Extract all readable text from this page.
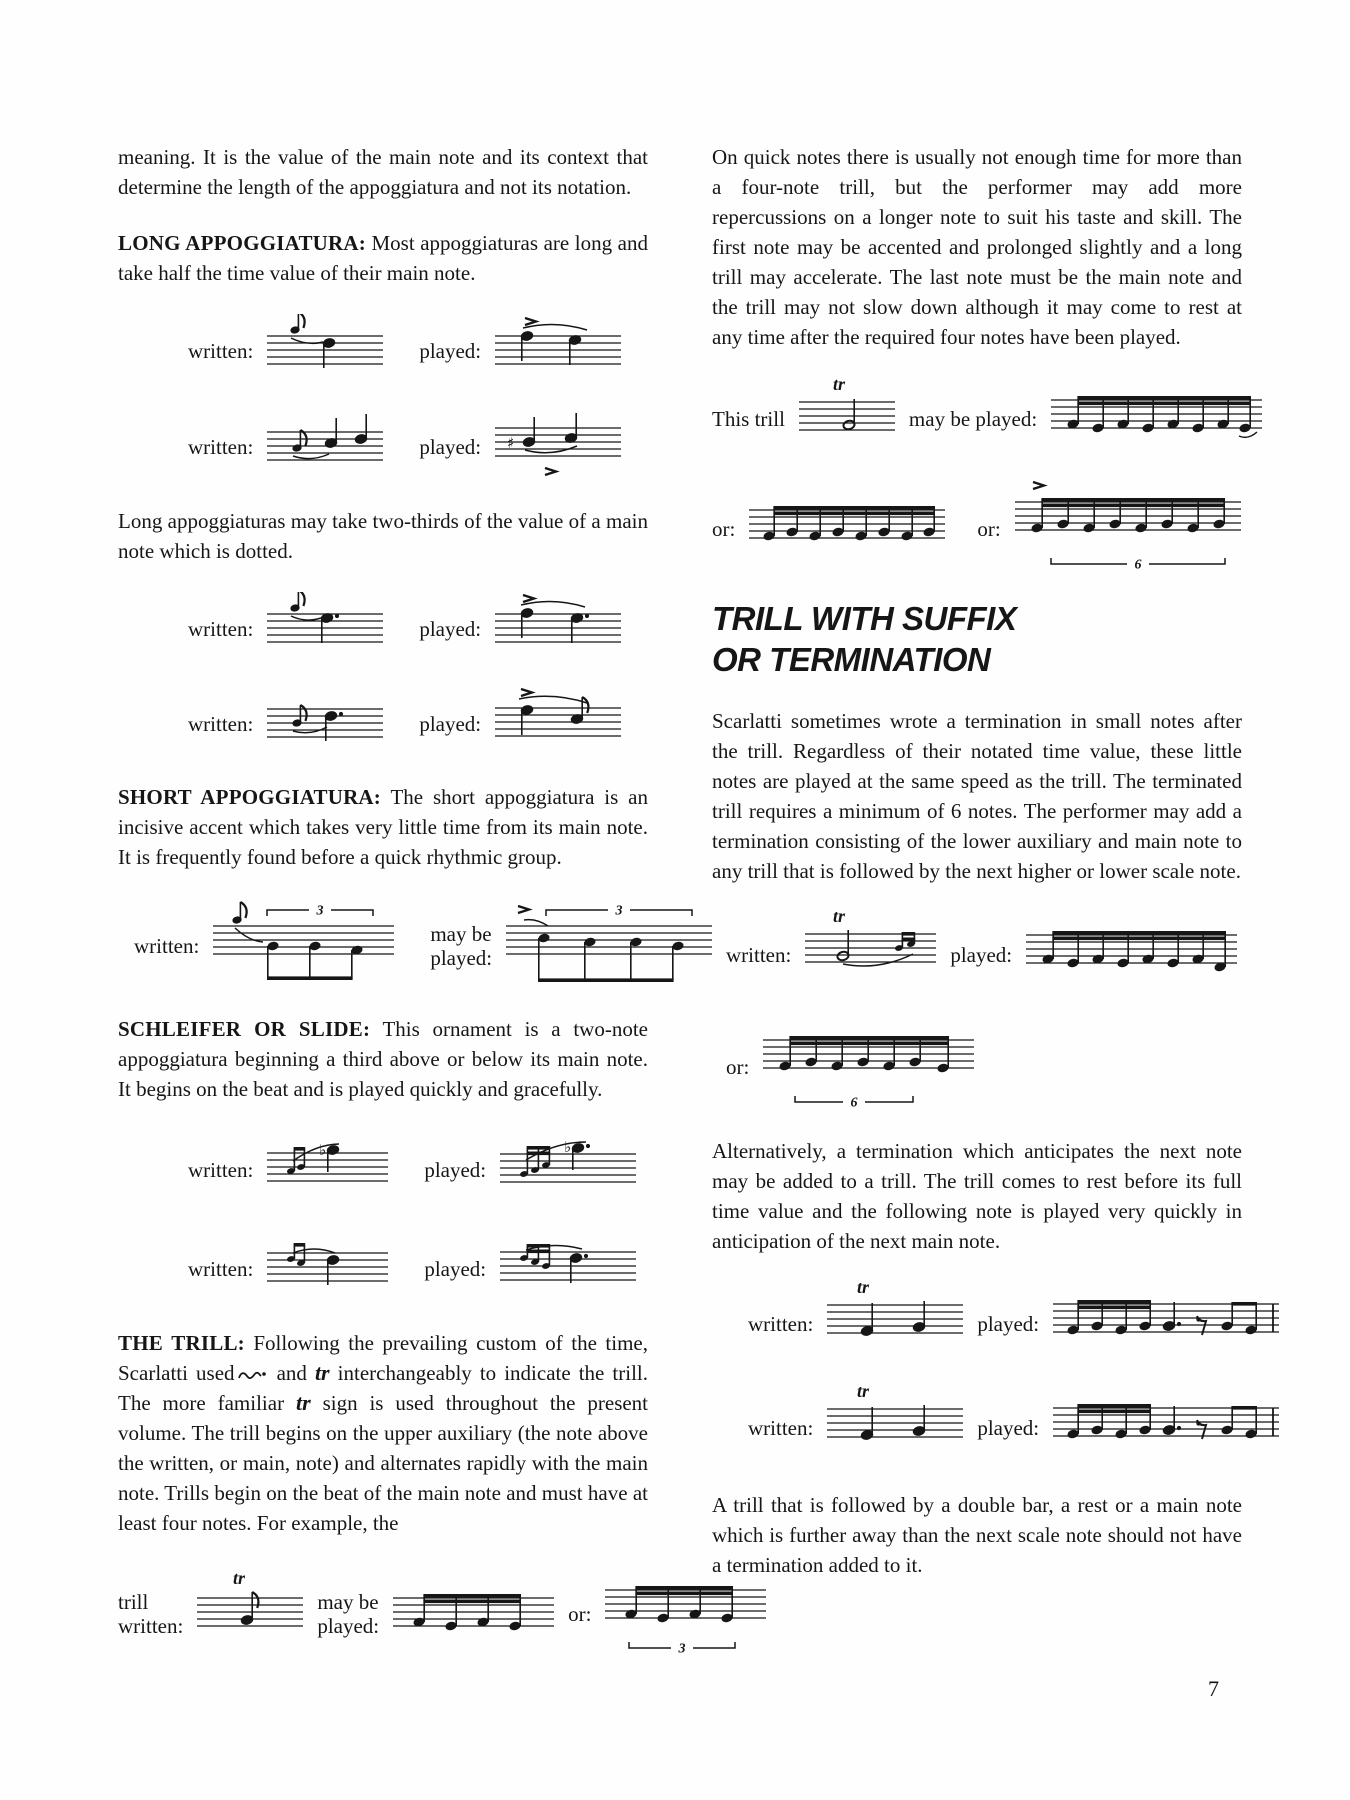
meaning. It is the value of the main note and its context that determine the length of the appoggiatura and not its notation.

LONG APPOGGIATURA: Most appoggiaturas are long and take half the time value of their main note.

written:	played:
written:	played: ♯

Long appoggiaturas may take two-thirds of the value of a main note which is dotted.

written:	played:
written:	played:

SHORT APPOGGIATURA: The short appoggiatura is an incisive accent which takes very little time from its main note. It is frequently found before a quick rhythmic group.

written:
3
may be
played:
3

SCHLEIFER OR SLIDE: This ornament is a two-note appoggiatura beginning a third above or below its main note. It begins on the beat and is played quickly and gracefully.

written:
♭
played:
♭
written:	played:

THE TRILL: Following the prevailing custom of the time, Scarlatti used and tr interchangeably to indicate the trill. The more familiar tr sign is used throughout the present volume. The trill begins on the upper auxiliary (the note above the written, or main, note) and alternates rapidly with the main note. Trills begin on the beat of the main note and must have at least four notes. For example, the

trill
written:
tr
may be
played:	or:
3

On quick notes there is usually not enough time for more than a four-note trill, but the performer may add more repercussions on a longer note to suit his taste and skill. The first note may be accented and prolonged slightly and a long trill may accelerate. The last note must be the main note and the trill may not slow down although it may come to rest at any time after the required four notes have been played.

This trill
tr
may be played:
or:	or:
6
TRILL WITH SUFFIX
OR TERMINATION

Scarlatti sometimes wrote a termination in small notes after the trill. Regardless of their notated time value, these little notes are played at the same speed as the trill. The terminated trill requires a minimum of 6 notes. The performer may add a termination consisting of the lower auxiliary and main note to any trill that is followed by the next higher or lower scale note.

written:
tr
played:
or:
6

Alternatively, a termination which anticipates the next note may be added to a trill. The trill comes to rest before its full time value and the following note is played very quickly in anticipation of the next main note.

written:
tr
played:
written:
tr
played:

A trill that is followed by a double bar, a rest or a main note which is further away than the next scale note should not have a termination added to it.

7
